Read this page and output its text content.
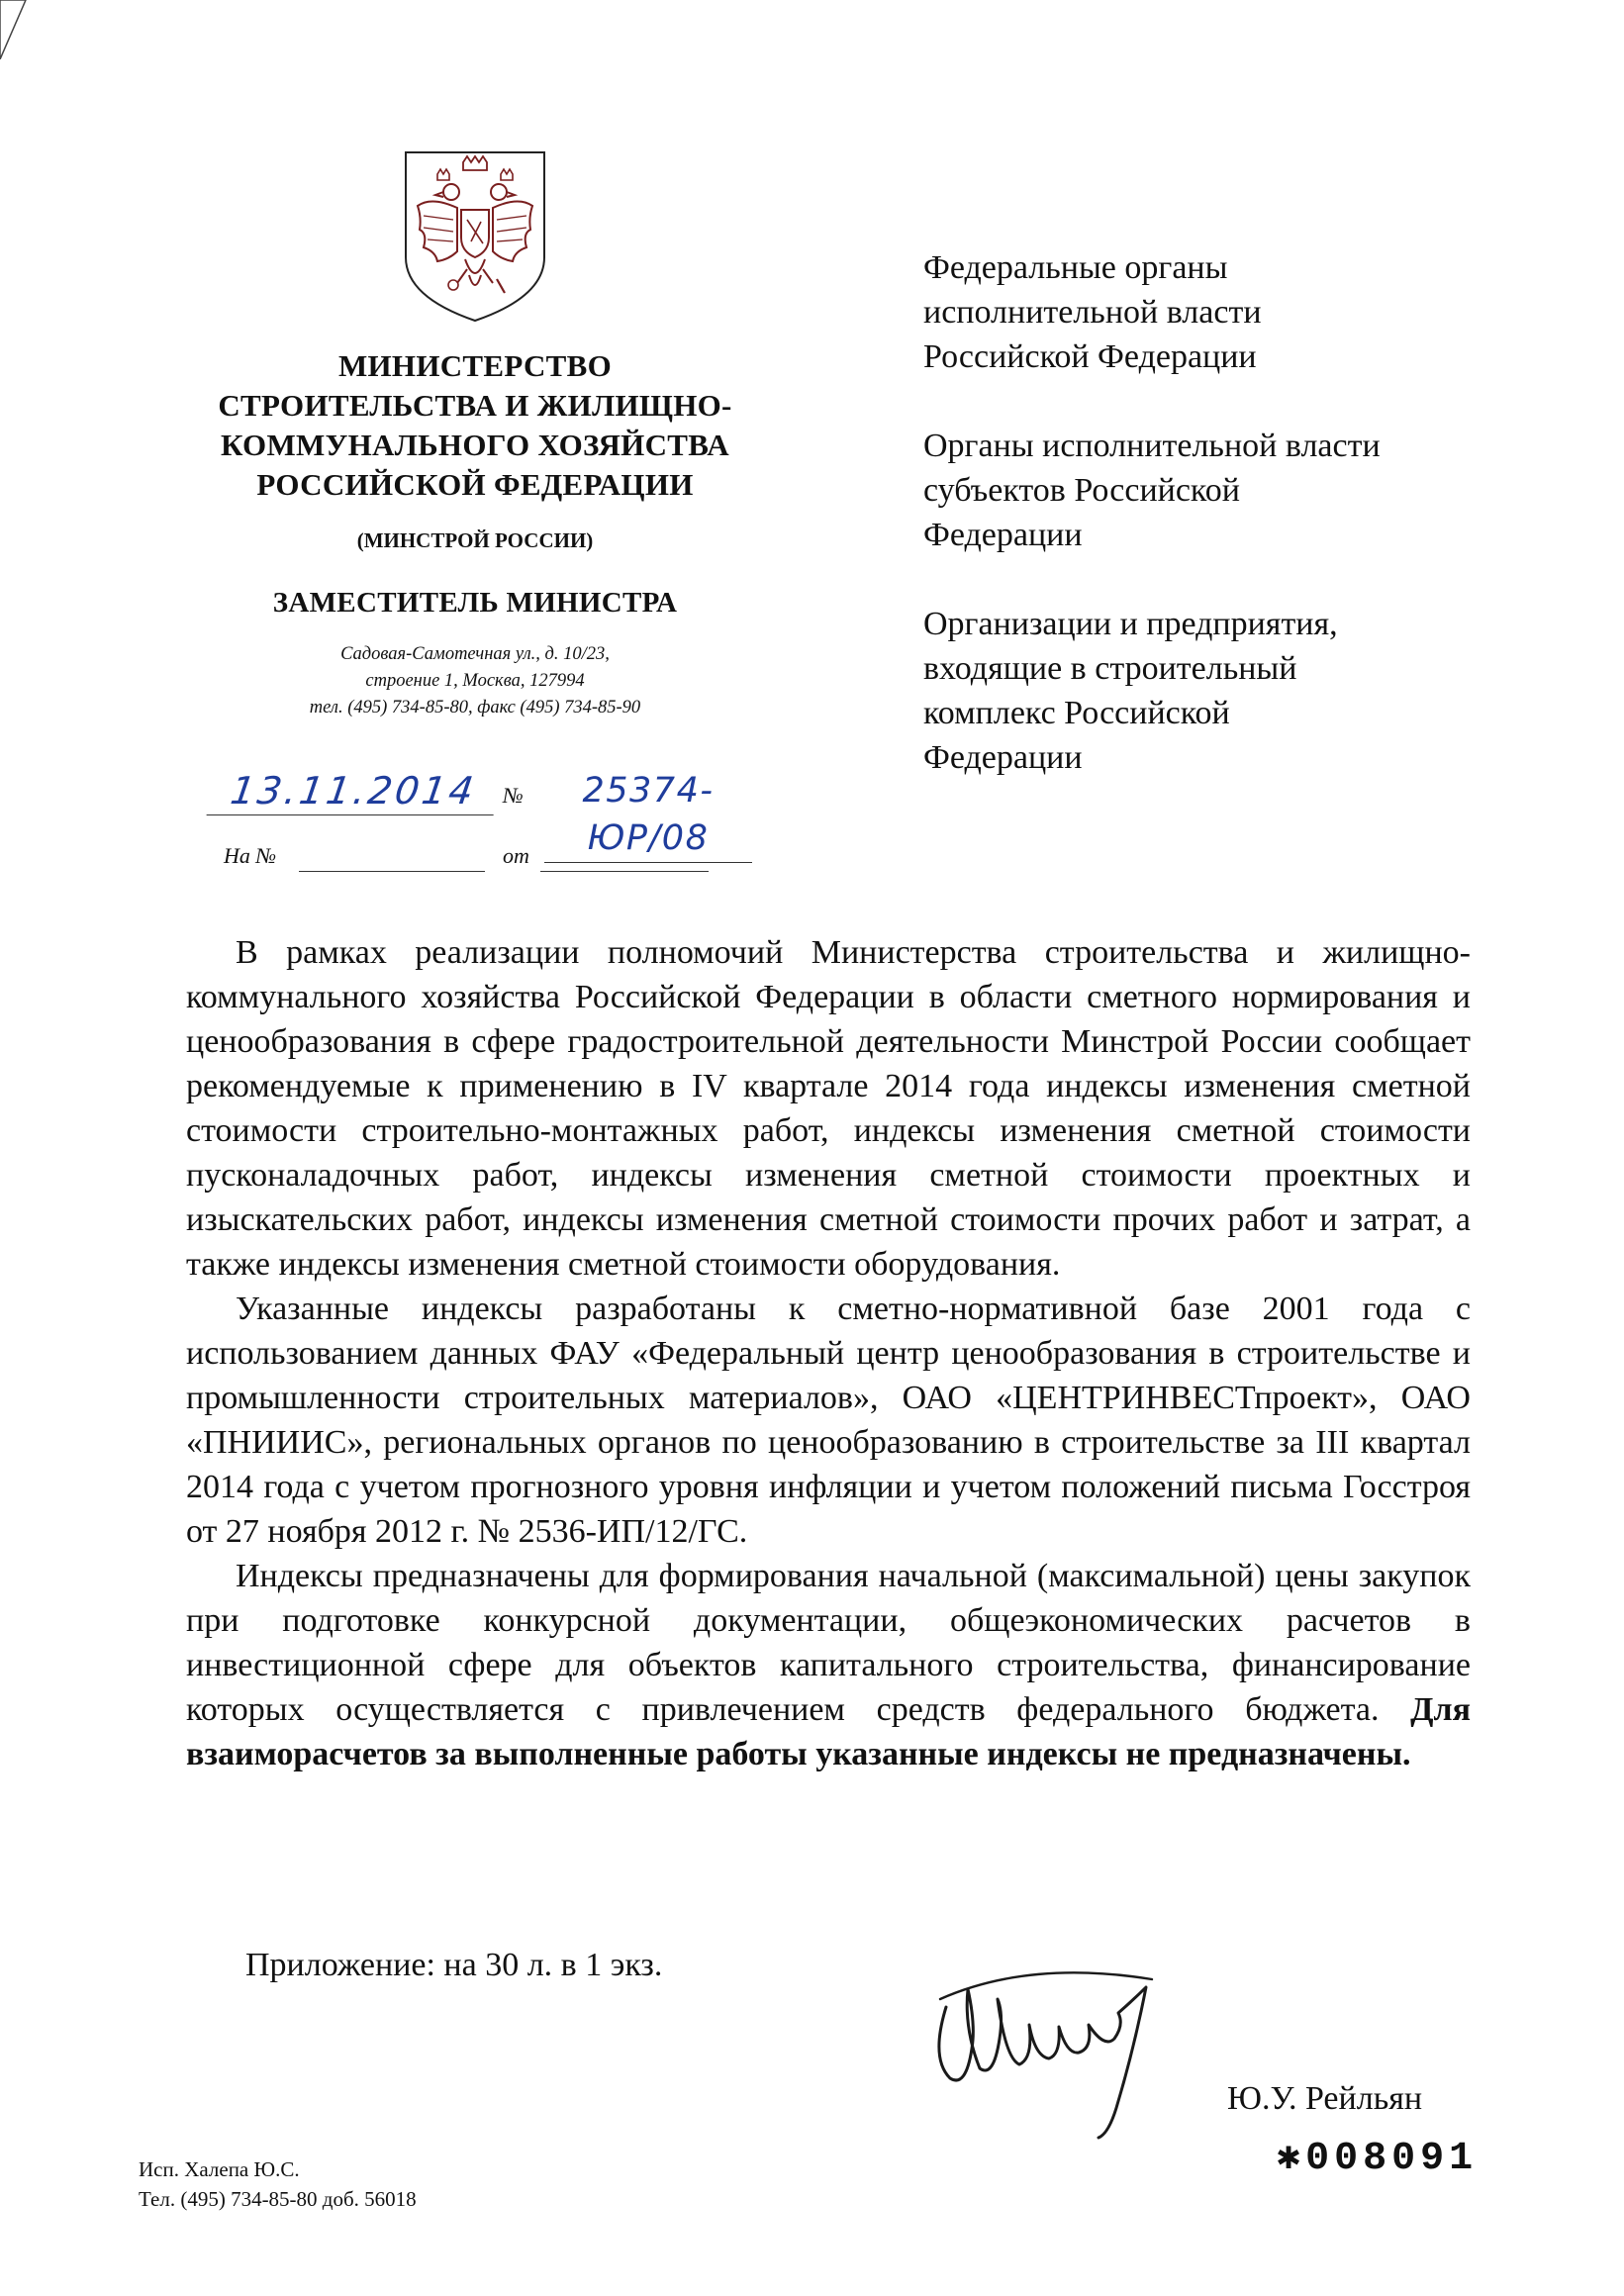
МИНИСТЕРСТВО
СТРОИТЕЛЬСТВА И ЖИЛИЩНО-
КОММУНАЛЬНОГО ХОЗЯЙСТВА
РОССИЙСКОЙ ФЕДЕРАЦИИ
(МИНСТРОЙ РОССИИ)
ЗАМЕСТИТЕЛЬ МИНИСТРА
Садовая-Самотечная ул., д. 10/23,
строение 1, Москва, 127994
тел. (495) 734-85-80, факс (495) 734-85-90
13.11.2014	№	25374-ЮР/08
На №	от
Федеральные органы
исполнительной власти
Российской Федерации
Органы исполнительной власти
субъектов Российской
Федерации
Организации и предприятия,
входящие в строительный
комплекс Российской
Федерации

В рамках реализации полномочий Министерства строительства и жилищно-коммунального хозяйства Российской Федерации в области сметного нормирования и ценообразования в сфере градостроительной деятельности Минстрой России сообщает рекомендуемые к применению в IV квартале 2014 года индексы изменения сметной стоимости строительно-монтажных работ, индексы изменения сметной стоимости пусконаладочных работ, индексы изменения сметной стоимости проектных и изыскательских работ, индексы изменения сметной стоимости прочих работ и затрат, а также индексы изменения сметной стоимости оборудования.

Указанные индексы разработаны к сметно-нормативной базе 2001 года с использованием данных ФАУ «Федеральный центр ценообразования в строительстве и промышленности строительных материалов», ОАО «ЦЕНТРИНВЕСТпроект», ОАО «ПНИИИС», региональных органов по ценообразованию в строительстве за III квартал 2014 года с учетом прогнозного уровня инфляции и учетом положений письма Госстроя от 27 ноября 2012 г. № 2536-ИП/12/ГС.

Индексы предназначены для формирования начальной (максимальной) цены закупок при подготовке конкурсной документации, общеэкономических расчетов в инвестиционной сфере для объектов капитального строительства, финансирование которых осуществляется с привлечением средств федерального бюджета. Для взаиморасчетов за выполненные работы указанные индексы не предназначены.

Приложение: на 30 л. в 1 экз.
Ю.У. Рейльян
✱008091
Исп. Халепа Ю.С.
Тел. (495) 734-85-80 доб. 56018
